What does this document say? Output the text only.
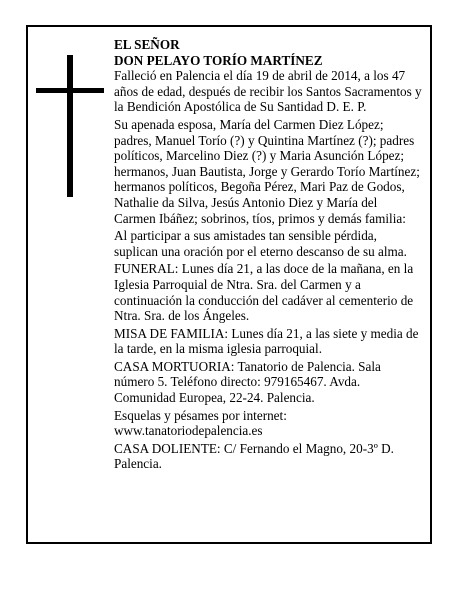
EL SEÑOR

DON PELAYO TORÍO MARTÍNEZ

Falleció en Palencia el día 19 de abril de 2014, a los 47 años de edad, después de recibir los Santos Sacramentos y la Bendición Apostólica de Su Santidad D. E. P.

Su apenada esposa, María del Carmen Diez López; padres, Manuel Torío (?) y Quintina Martínez (?); padres políticos, Marcelino Diez (?) y Maria Asunción López; hermanos, Juan Bautista, Jorge y Gerardo Torío Martínez; hermanos políticos, Begoña Pérez, Mari Paz de Godos, Nathalie da Silva, Jesús Antonio Diez y María del Carmen Ibáñez; sobrinos, tíos, primos y demás familia:

Al participar a sus amistades tan sensible pérdida, suplican una oración por el eterno descanso de su alma.

FUNERAL: Lunes día 21, a las doce de la mañana, en la Iglesia Parroquial de Ntra. Sra. del Carmen y a continuación la conducción del cadáver al cementerio de Ntra. Sra. de los Ángeles.

MISA DE FAMILIA: Lunes día 21, a las siete y media de la tarde, en la misma iglesia parroquial.

CASA MORTUORIA: Tanatorio de Palencia. Sala número 5. Teléfono directo: 979165467. Avda. Comunidad Europea, 22-24. Palencia.

Esquelas y pésames por internet: www.tanatoriodepalencia.es

CASA DOLIENTE: C/ Fernando el Magno, 20-3º D. Palencia.
